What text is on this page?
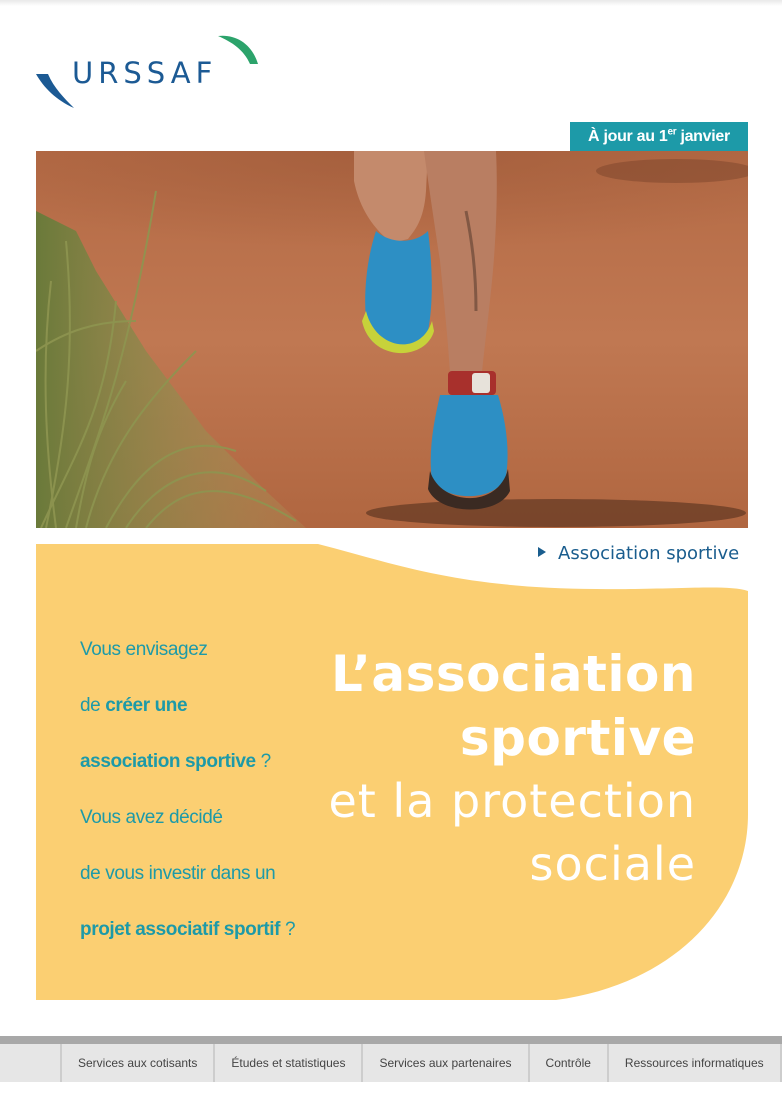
URSSAF
À jour au 1er janvier
Association sportive
Vous envisagez
de créer une
association sportive ?
Vous avez décidé
de vous investir dans un
projet associatif sportif ?
L’association
sportive
et la protection
sociale
Services aux cotisants	Études et statistiques	Services aux partenaires	Contrôle	Ressources informatiques
